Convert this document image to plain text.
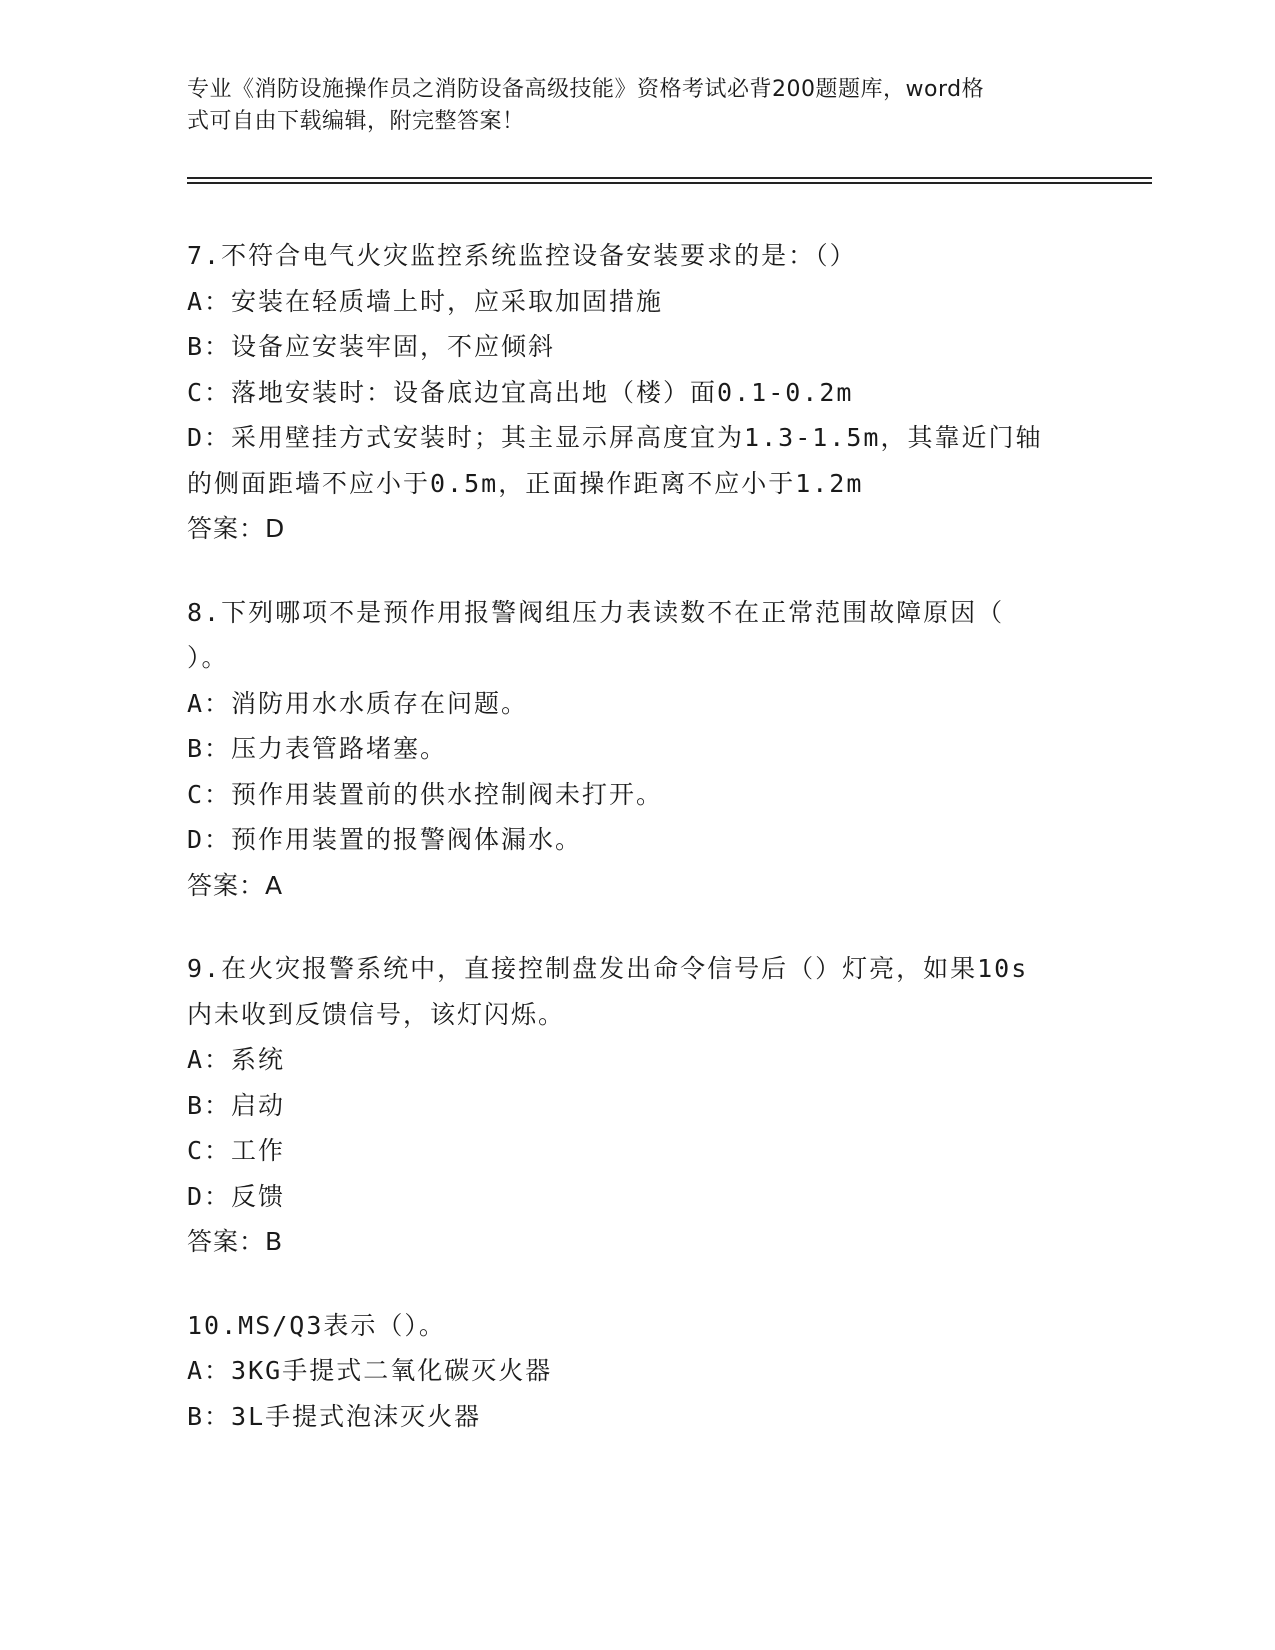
专业《消防设施操作员之消防设备高级技能》资格考试必背200题题库，word格
式可自由下载编辑，附完整答案！
7.不符合电气火灾监控系统监控设备安装要求的是：（）
A：安装在轻质墙上时，应采取加固措施
B：设备应安装牢固，不应倾斜
C：落地安装时：设备底边宜高出地（楼）面0.1-0.2m
D：采用壁挂方式安装时；其主显示屏高度宜为1.3-1.5m，其靠近门轴
的侧面距墙不应小于0.5m，正面操作距离不应小于1.2m
答案：D
8.下列哪项不是预作用报警阀组压力表读数不在正常范围故障原因（
）。
A：消防用水水质存在问题。
B：压力表管路堵塞。
C：预作用装置前的供水控制阀未打开。
D：预作用装置的报警阀体漏水。
答案：A
9.在火灾报警系统中，直接控制盘发出命令信号后（）灯亮，如果10s
内未收到反馈信号，该灯闪烁。
A：系统
B：启动
C：工作
D：反馈
答案：B
10.MS/Q3表示（）。
A：3KG手提式二氧化碳灭火器
B：3L手提式泡沫灭火器
